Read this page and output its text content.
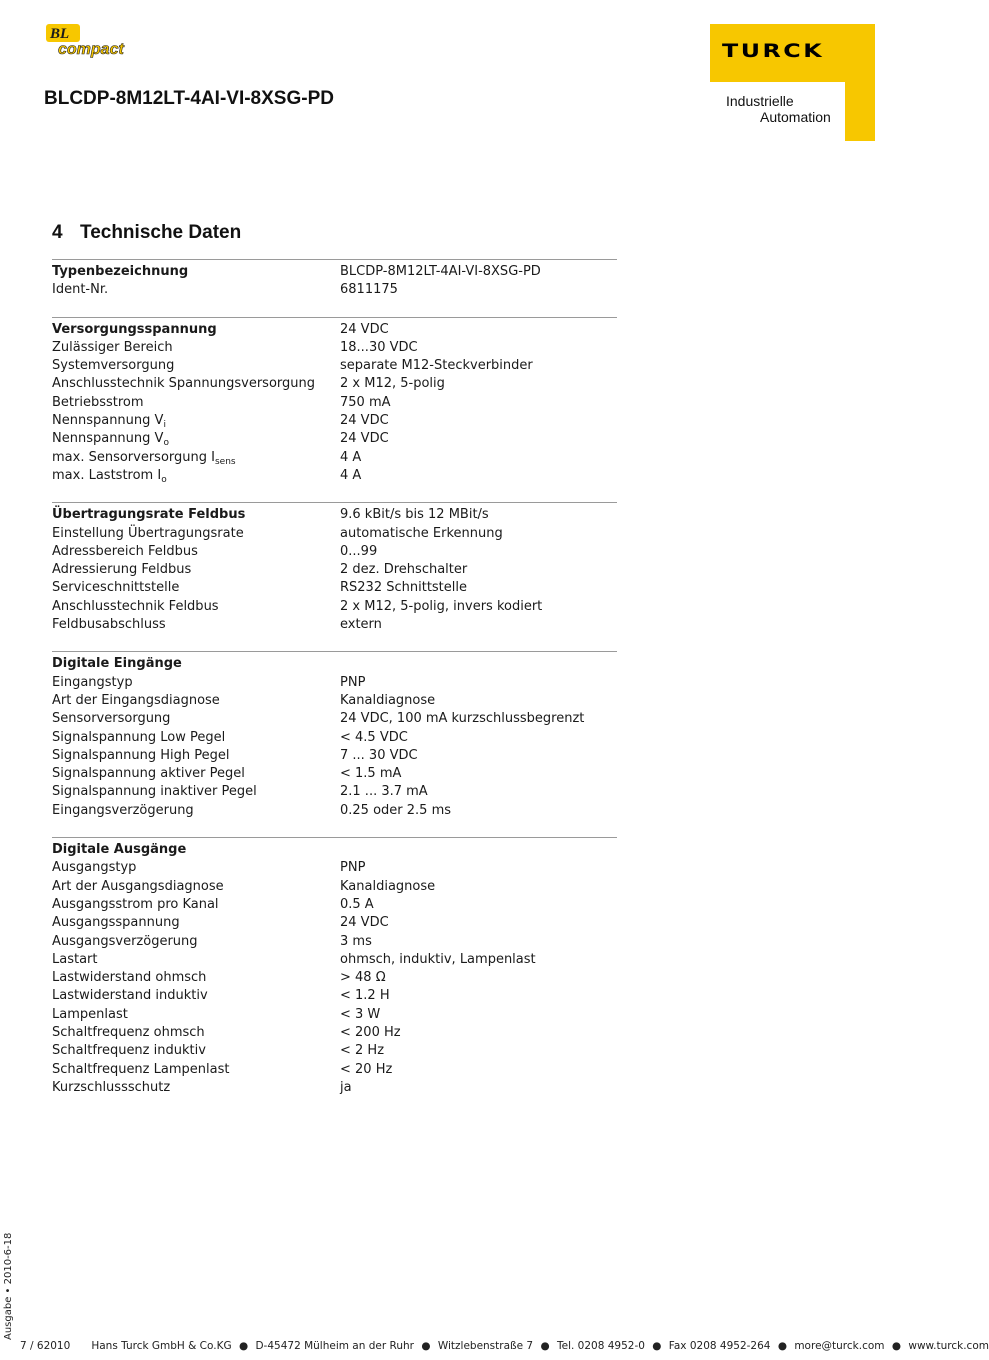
BL
compact
BLCDP-8M12LT-4AI-VI-8XSG-PD
TURCK
Industrielle
Automation
4 Technische Daten
Typenbezeichnung	BLCDP-8M12LT-4AI-VI-8XSG-PD
Ident-Nr.	6811175
Versorgungsspannung	24 VDC
Zulässiger Bereich	18...30 VDC
Systemversorgung	separate M12-Steckverbinder
Anschlusstechnik Spannungsversorgung	2 x M12, 5-polig
Betriebsstrom	750 mA
Nennspannung $V_i$	24 VDC
Nennspannung $V_o$	24 VDC
max. Sensorversorgung $I_{sens}$	4 A
max. Laststrom $I_o$	4 A
Übertragungsrate Feldbus	9.6 kBit/s bis 12 MBit/s
Einstellung Übertragungsrate	automatische Erkennung
Adressbereich Feldbus	0...99
Adressierung Feldbus	2 dez. Drehschalter
Serviceschnittstelle	RS232 Schnittstelle
Anschlusstechnik Feldbus	2 x M12, 5-polig, invers kodiert
Feldbusabschluss	extern
Digitale Eingänge
Eingangstyp	PNP
Art der Eingangsdiagnose	Kanaldiagnose
Sensorversorgung	24 VDC, 100 mA kurzschlussbegrenzt
Signalspannung Low Pegel	< 4.5 VDC
Signalspannung High Pegel	7 ... 30 VDC
Signalspannung aktiver Pegel	< 1.5 mA
Signalspannung inaktiver Pegel	2.1 ... 3.7 mA
Eingangsverzögerung	0.25 oder 2.5 ms
Digitale Ausgänge
Ausgangstyp	PNP
Art der Ausgangsdiagnose	Kanaldiagnose
Ausgangsstrom pro Kanal	0.5 A
Ausgangsspannung	24 VDC
Ausgangsverzögerung	3 ms
Lastart	ohmsch, induktiv, Lampenlast
Lastwiderstand ohmsch	> 48 Ω
Lastwiderstand induktiv	< 1.2 H
Lampenlast	< 3 W
Schaltfrequenz ohmsch	< 200 Hz
Schaltfrequenz induktiv	< 2 Hz
Schaltfrequenz Lampenlast	< 20 Hz
Kurzschlussschutz	ja
Ausgabe • 2010-6-18
7 / 62010 Hans Turck GmbH & Co.KG ● D-45472 Mülheim an der Ruhr ● Witzlebenstraße 7 ● Tel. 0208 4952-0 ● Fax 0208 4952-264 ● more@turck.com ● www.turck.com
